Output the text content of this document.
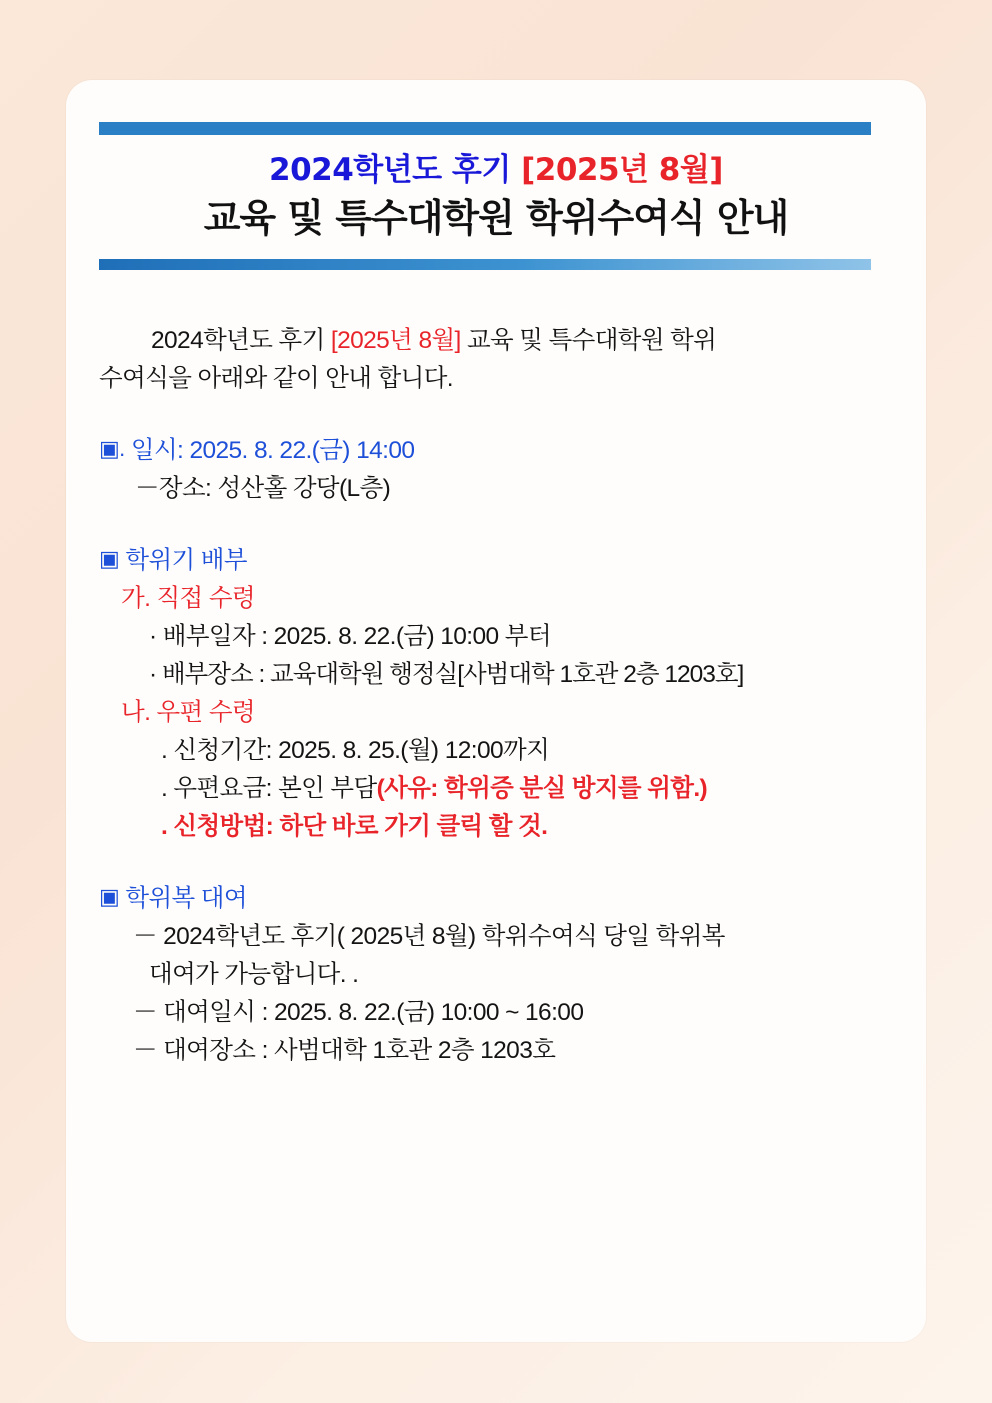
2024학년도 후기 [2025년 8월]
교육 및 특수대학원 학위수여식 안내
2024학년도 후기 [2025년 8월] 교육 및 특수대학원 학위
수여식을 아래와 같이 안내 합니다.
▣. 일시: 2025. 8. 22.(금) 14:00
－장소: 성산홀 강당(L층)
▣ 학위기 배부
가. 직접 수령
· 배부일자 : 2025. 8. 22.(금) 10:00 부터
· 배부장소 : 교육대학원 행정실[사범대학 1호관 2층 1203호]
나. 우편 수령
. 신청기간: 2025. 8. 25.(월) 12:00까지
. 우편요금: 본인 부담(사유: 학위증 분실 방지를 위함.)
. 신청방법: 하단 바로 가기 클릭 할 것.
▣ 학위복 대여
－ 2024학년도 후기( 2025년 8월) 학위수여식 당일 학위복
대여가 가능합니다. .
－ 대여일시 : 2025. 8. 22.(금) 10:00 ~ 16:00
－ 대여장소 : 사범대학 1호관 2층 1203호
